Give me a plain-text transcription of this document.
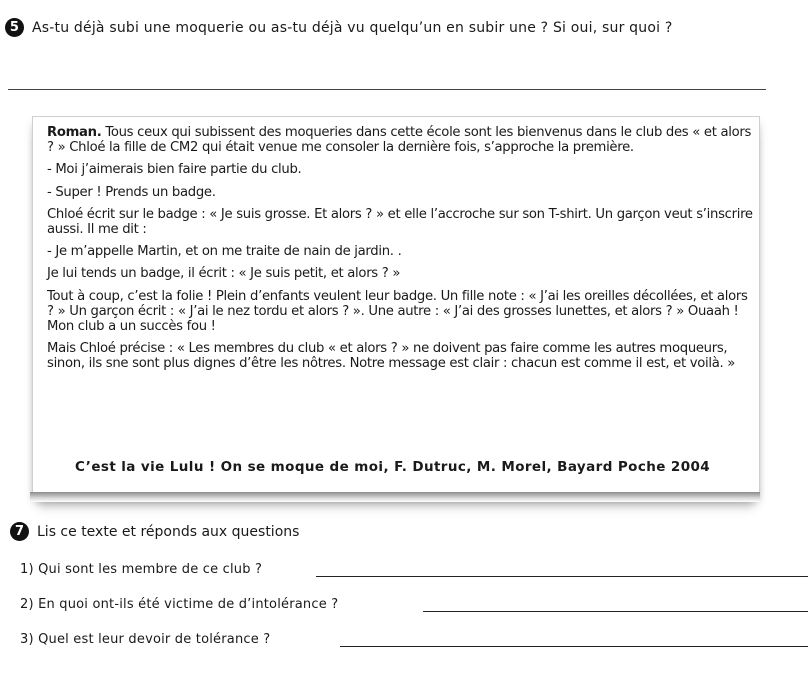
5 As-tu déjà subi une moquerie ou as-tu déjà vu quelqu’un en subir une ? Si oui, sur quoi ?

Roman. Tous ceux qui subissent des moqueries dans cette école sont les bienvenus dans le club des « et alors ? » Chloé la fille de CM2 qui était venue me consoler la dernière fois, s’approche la première.

- Moi j’aimerais bien faire partie du club.

- Super ! Prends un badge.

Chloé écrit sur le badge : « Je suis grosse. Et alors ? » et elle l’accroche sur son T-shirt. Un garçon veut s’inscrire aussi. Il me dit :

- Je m’appelle Martin, et on me traite de nain de jardin. .

Je lui tends un badge, il écrit : « Je suis petit, et alors ? »

Tout à coup, c’est la folie ! Plein d’enfants veulent leur badge. Un fille note : « J’ai les oreilles décollées, et alors ? » Un garçon écrit : « J’ai le nez tordu et alors ? ». Une autre : « J’ai des grosses lunettes, et alors ? » Ouaah ! Mon club a un succès fou !

Mais Chloé précise : « Les membres du club « et alors ? » ne doivent pas faire comme les autres moqueurs, sinon, ils sne sont plus dignes d’être les nôtres. Notre message est clair : chacun est comme il est, et voilà. »

C’est la vie Lulu ! On se moque de moi, F. Dutruc, M. Morel, Bayard Poche 2004
7 Lis ce texte et réponds aux questions
1) Qui sont les membre de ce club ?
2) En quoi ont-ils été victime de d’intolérance ?
3) Quel est leur devoir de tolérance ?
